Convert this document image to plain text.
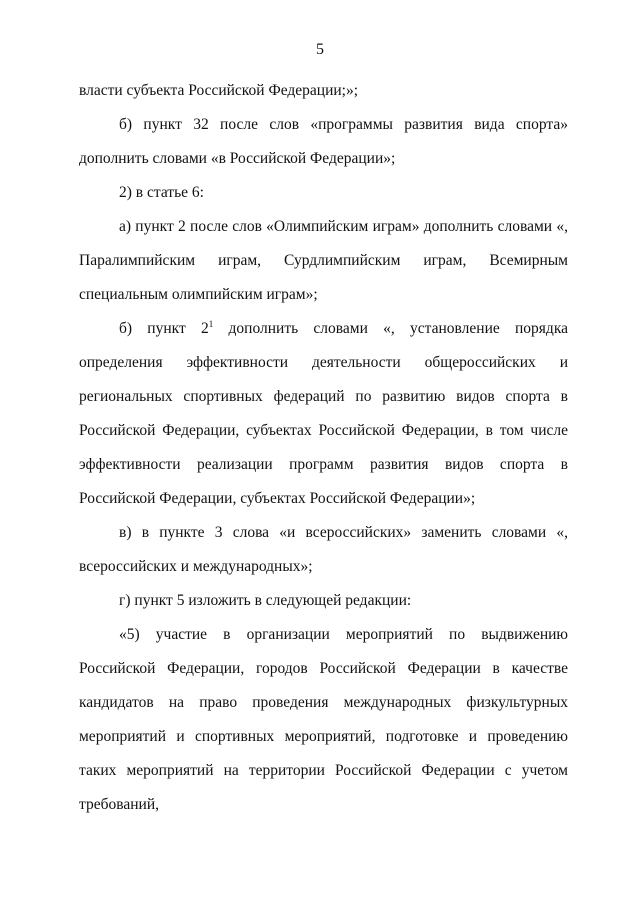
5

власти субъекта Российской Федерации;»;

б) пункт 32 после слов «программы развития вида спорта» дополнить словами «в Российской Федерации»;

2) в статье 6:

а) пункт 2 после слов «Олимпийским играм» дополнить словами «, Паралимпийским играм, Сурдлимпийским играм, Всемирным специальным олимпийским играм»;

б) пункт $2^1$ дополнить словами «, установление порядка определения эффективности деятельности общероссийских и региональных спортивных федераций по развитию видов спорта в Российской Федерации, субъектах Российской Федерации, в том числе эффективности реализации программ развития видов спорта в Российской Федерации, субъектах Российской Федерации»;

в) в пункте 3 слова «и всероссийских» заменить словами «, всероссийских и международных»;

г) пункт 5 изложить в следующей редакции:

«5) участие в организации мероприятий по выдвижению Российской Федерации, городов Российской Федерации в качестве кандидатов на право проведения международных физкультурных мероприятий и спортивных мероприятий, подготовке и проведению таких мероприятий на территории Российской Федерации с учетом требований,
